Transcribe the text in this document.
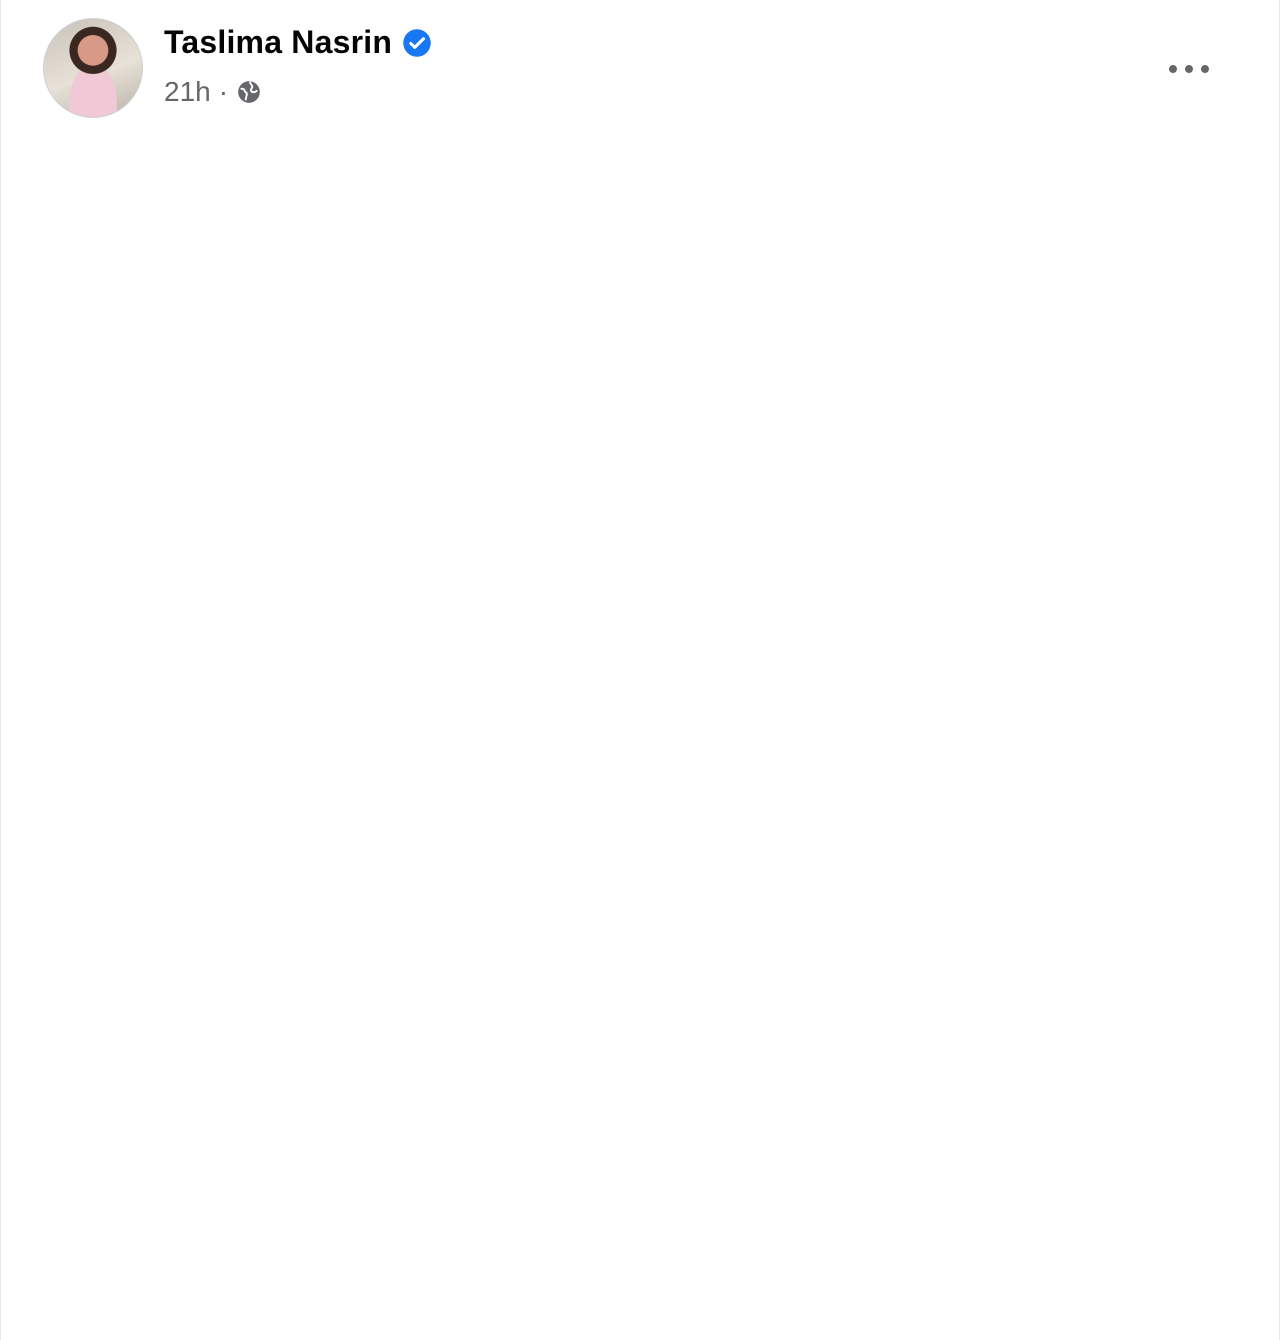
Taslima Nasrin
21h ·
